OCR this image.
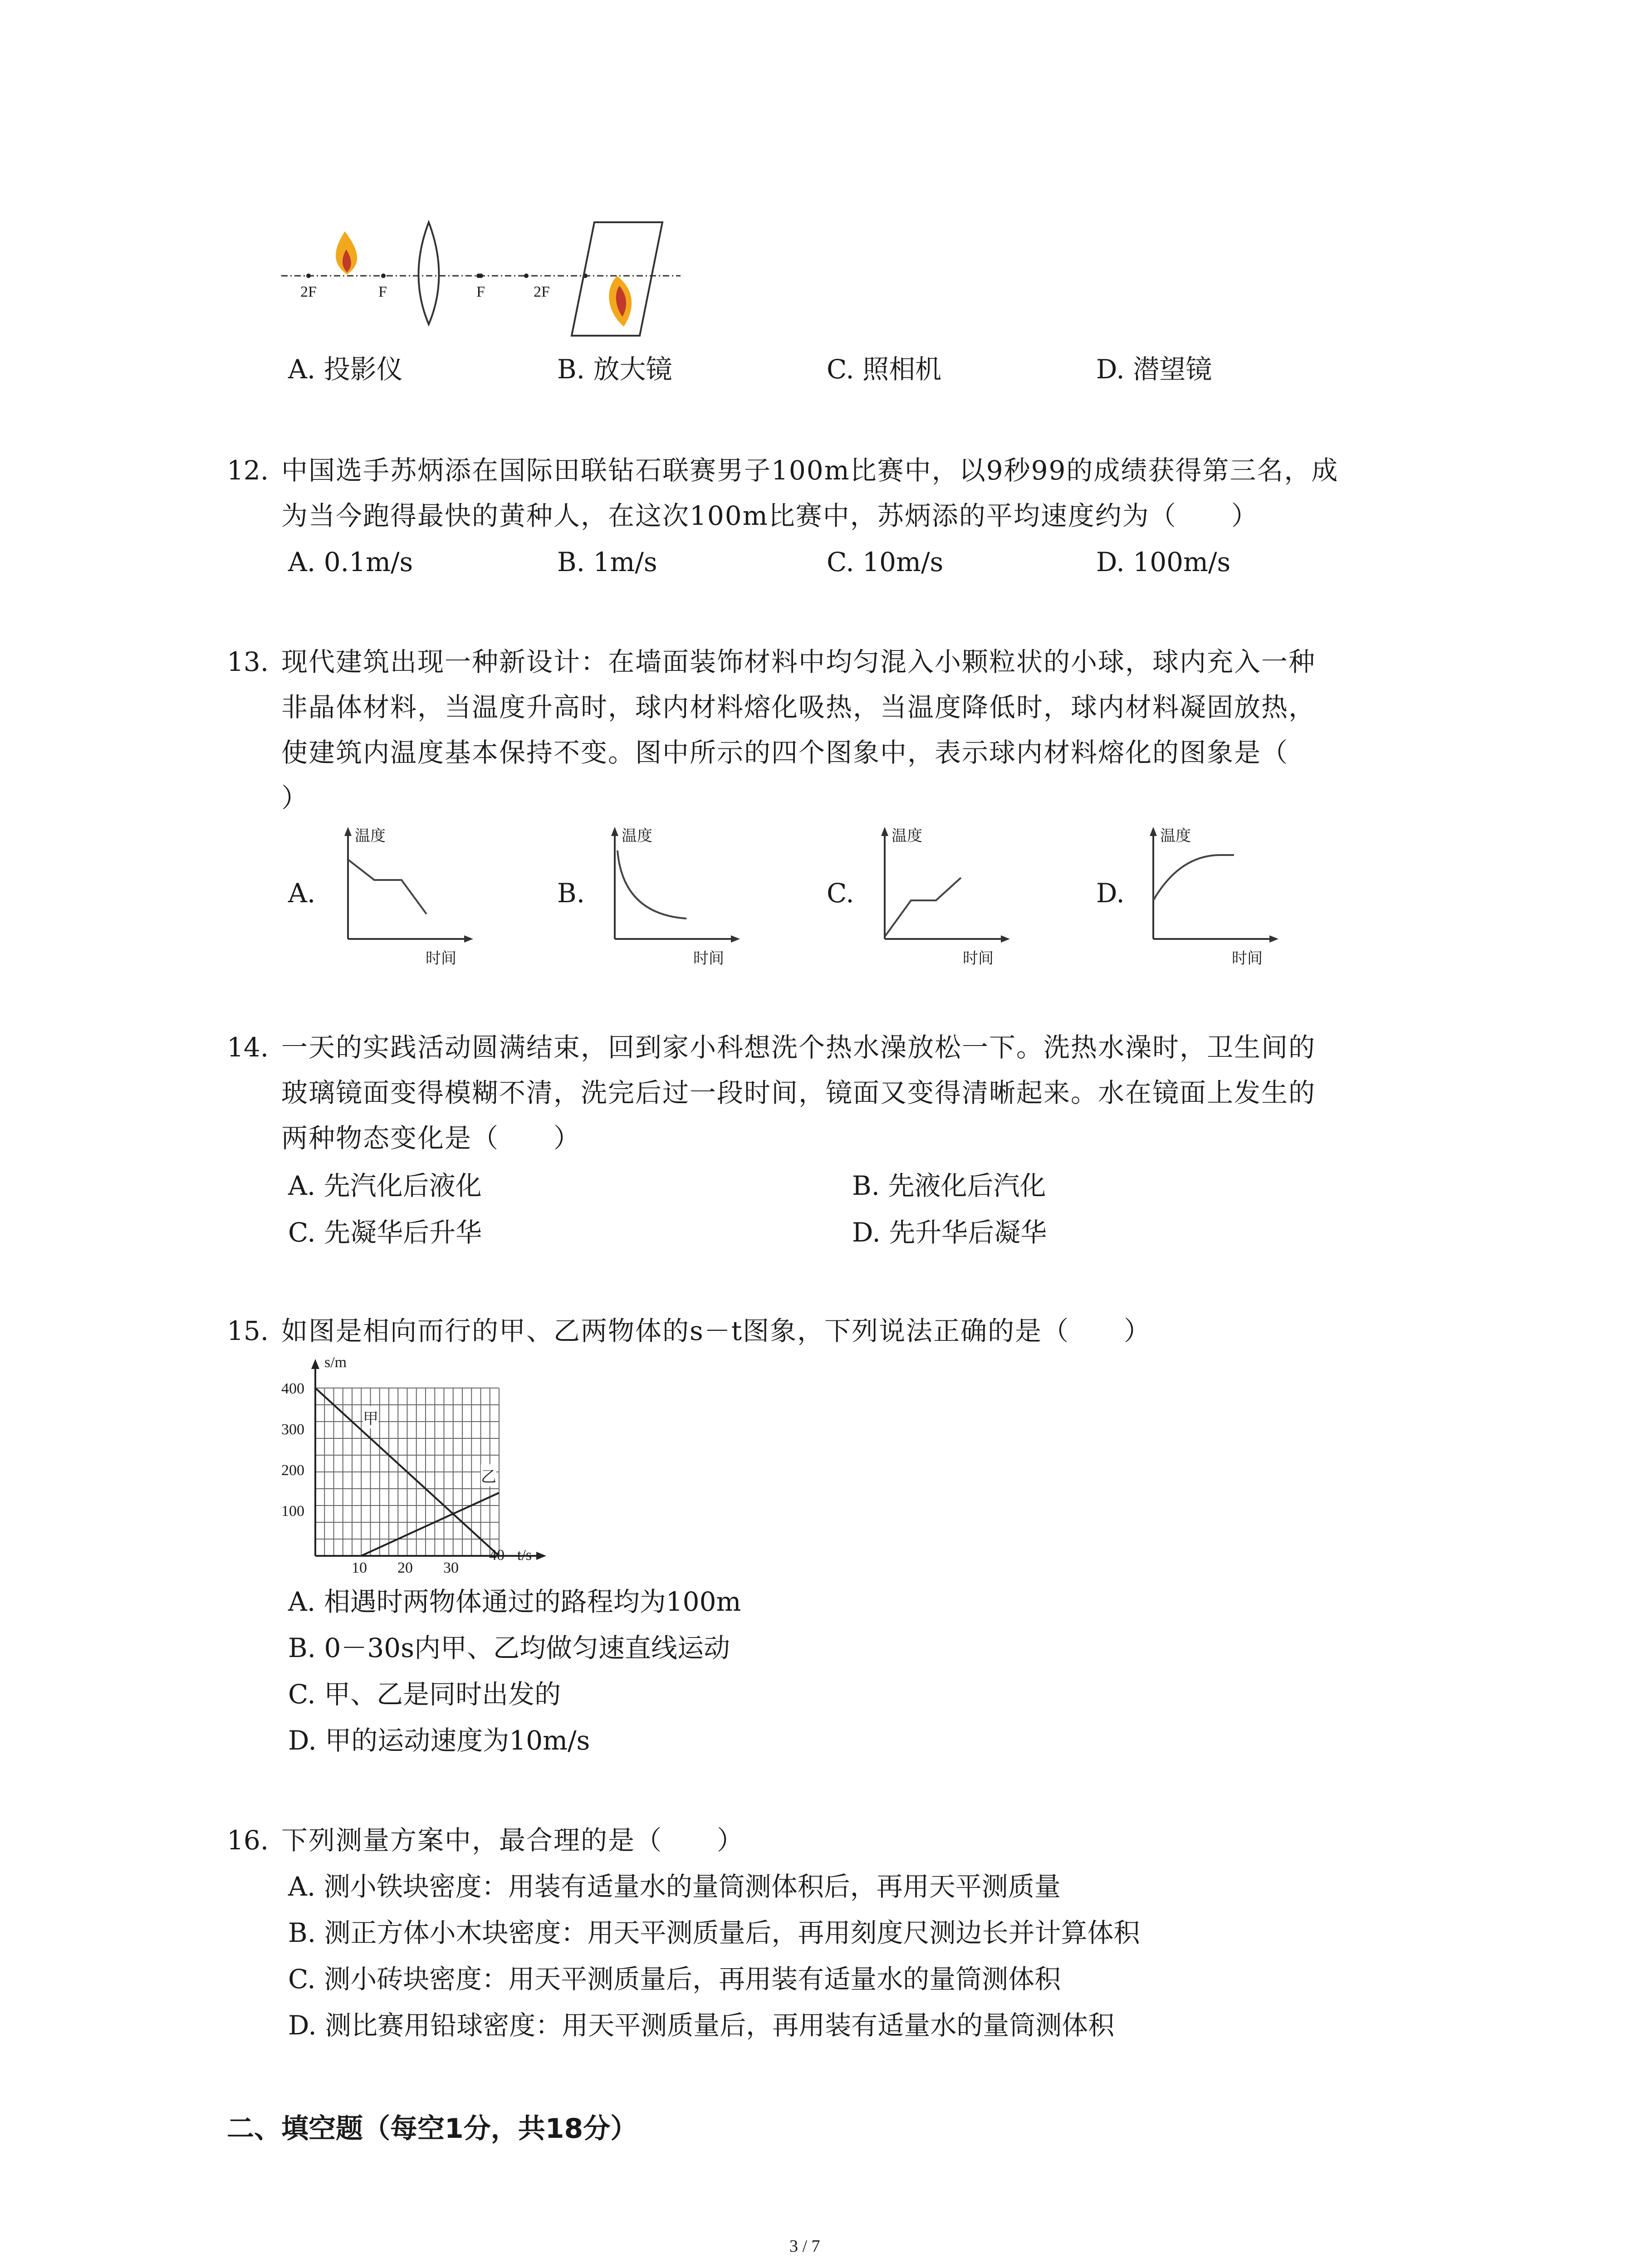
2F	F	F	2F
A. 投影仪	B. 放大镜	C. 照相机	D. 潜望镜
12. 中国选手苏炳添在国际田联钻石联赛男子100m比赛中，以9秒99的成绩获得第三名，成
为当今跑得最快的黄种人，在这次100m比赛中，苏炳添的平均速度约为（　　）
A. 0.1m/s	B. 1m/s	C. 10m/s	D. 100m/s
13. 现代建筑出现一种新设计：在墙面装饰材料中均匀混入小颗粒状的小球，球内充入一种
非晶体材料，当温度升高时，球内材料熔化吸热，当温度降低时，球内材料凝固放热，
使建筑内温度基本保持不变。图中所示的四个图象中，表示球内材料熔化的图象是（
）
A.	B.	C.	D.
温度
时间
温度
时间
温度
时间
温度
时间
14. 一天的实践活动圆满结束，回到家小科想洗个热水澡放松一下。洗热水澡时，卫生间的
玻璃镜面变得模糊不清，洗完后过一段时间，镜面又变得清晰起来。水在镜面上发生的
两种物态变化是（　　）
A. 先汽化后液化	B. 先液化后汽化
C. 先凝华后升华	D. 先升华后凝华
15. 如图是相向而行的甲、乙两物体的s－t图象，下列说法正确的是（　　）
s/m
t/s
400
300
200
100
10 20 30
40
甲
乙
A. 相遇时两物体通过的路程均为100m
B. 0－30s内甲、乙均做匀速直线运动
C. 甲、乙是同时出发的
D. 甲的运动速度为10m/s
16. 下列测量方案中，最合理的是（　　）
A. 测小铁块密度：用装有适量水的量筒测体积后，再用天平测质量
B. 测正方体小木块密度：用天平测质量后，再用刻度尺测边长并计算体积
C. 测小砖块密度：用天平测质量后，再用装有适量水的量筒测体积
D. 测比赛用铅球密度：用天平测质量后，再用装有适量水的量筒测体积
二、填空题（每空1分，共18分）
3 / 7
